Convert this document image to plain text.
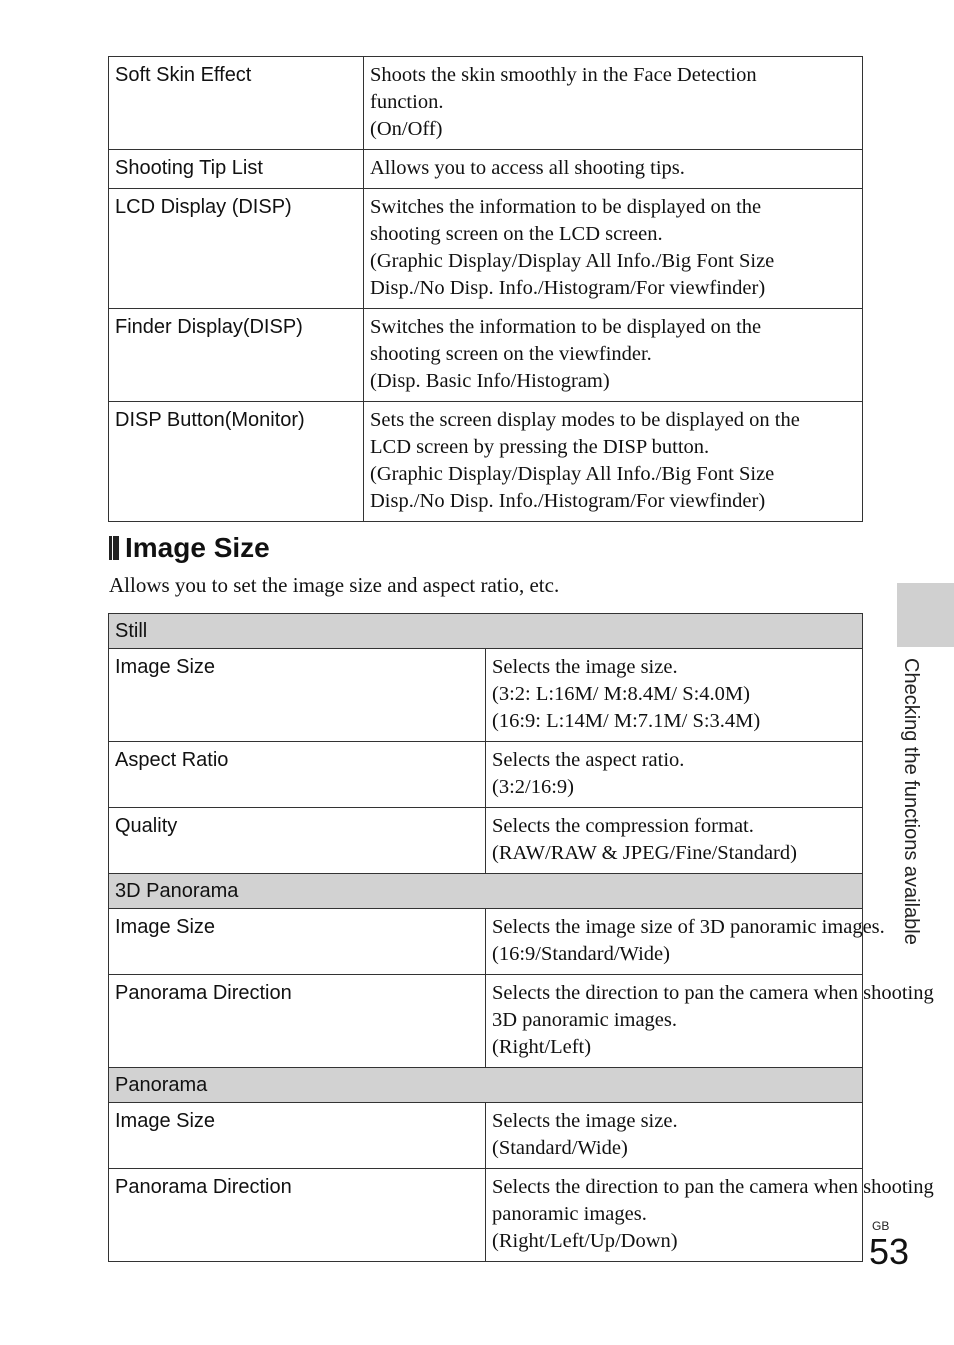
Soft Skin Effect	Shoots the skin smoothly in the Face Detection
function.
(On/Off)

Shooting Tip List	Allows you to access all shooting tips.

LCD Display (DISP)	Switches the information to be displayed on the
shooting screen on the LCD screen.
(Graphic Display/Display All Info./Big Font Size
Disp./No Disp. Info./Histogram/For viewfinder)

Finder Display(DISP)	Switches the information to be displayed on the
shooting screen on the viewfinder.
(Disp. Basic Info/Histogram)

DISP Button(Monitor)	Sets the screen display modes to be displayed on the
LCD screen by pressing the DISP button.
(Graphic Display/Display All Info./Big Font Size
Disp./No Disp. Info./Histogram/For viewfinder)
Image Size
Allows you to set the image size and aspect ratio, etc.
Still	
Image Size	Selects the image size.
(3:2: L:16M/ M:8.4M/ S:4.0M)
(16:9: L:14M/ M:7.1M/ S:3.4M)

Aspect Ratio	Selects the aspect ratio.
(3:2/16:9)

Quality	Selects the compression format.
(RAW/RAW & JPEG/Fine/Standard)

3D Panorama	
Image Size	Selects the image size of 3D panoramic images.
(16:9/Standard/Wide)

Panorama Direction	Selects the direction to pan the camera when shooting
3D panoramic images.
(Right/Left)

Panorama	
Image Size	Selects the image size.
(Standard/Wide)

Panorama Direction	Selects the direction to pan the camera when shooting
panoramic images.
(Right/Left/Up/Down)
Checking the functions available
GB
53
